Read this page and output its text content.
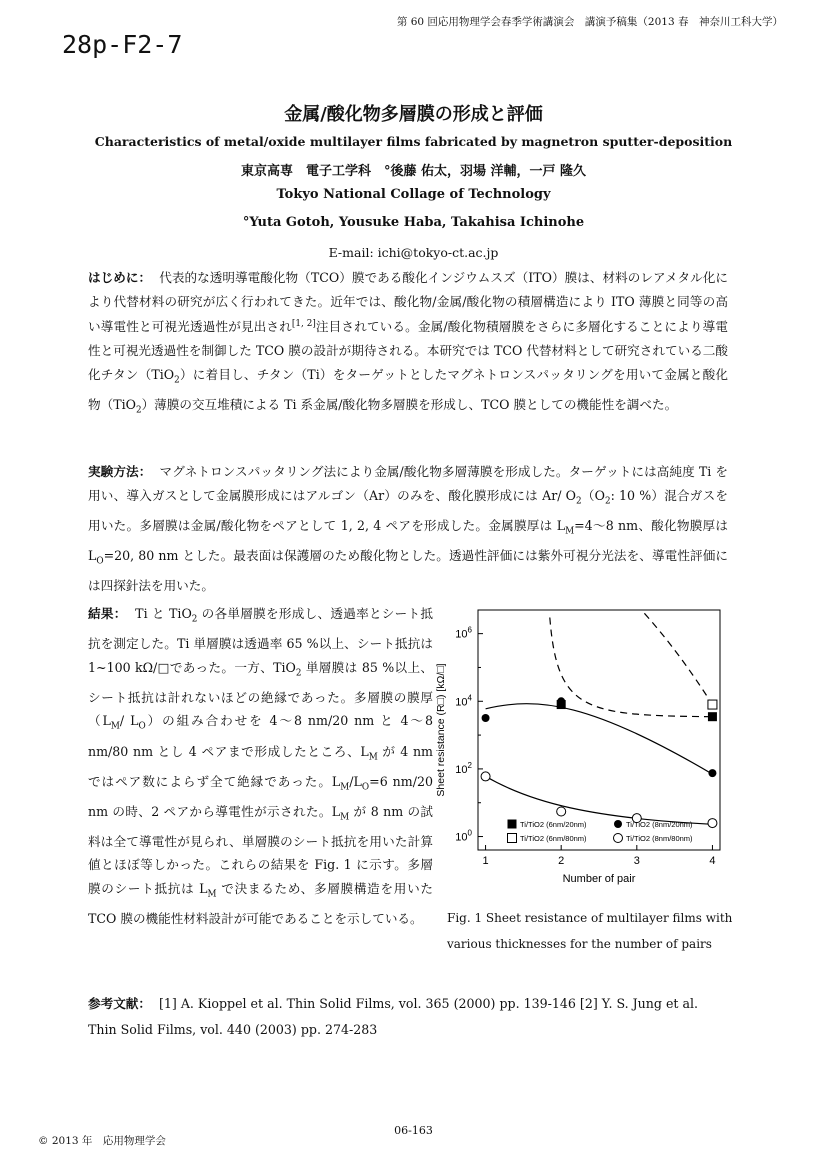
第 60 回応用物理学会春季学術講演会　講演予稿集（2013 春　神奈川工科大学）
28p-F2-7
金属/酸化物多層膜の形成と評価
Characteristics of metal/oxide multilayer films fabricated by magnetron sputter-deposition
東京高専　電子工学科　°後藤 佑太，羽場 洋輔，一戸 隆久
Tokyo National Collage of Technology
°Yuta Gotoh, Yousuke Haba, Takahisa Ichinohe
E-mail: ichi@tokyo-ct.ac.jp
はじめに： 代表的な透明導電酸化物（TCO）膜である酸化インジウムスズ（ITO）膜は、材料のレアメタル化により代替材料の研究が広く行われてきた。近年では、酸化物/金属/酸化物の積層構造により ITO 薄膜と同等の高い導電性と可視光透過性が見出され[1, 2]注目されている。金属/酸化物積層膜をさらに多層化することにより導電性と可視光透過性を制御した TCO 膜の設計が期待される。本研究では TCO 代替材料として研究されている二酸化チタン（TiO$_2$）に着目し、チタン（Ti）をターゲットとしたマグネトロンスパッタリングを用いて金属と酸化物（TiO$_2$）薄膜の交互堆積による Ti 系金属/酸化物多層膜を形成し、TCO 膜としての機能性を調べた。
実験方法： マグネトロンスパッタリング法により金属/酸化物多層薄膜を形成した。ターゲットには高純度 Ti を用い、導入ガスとして金属膜形成にはアルゴン（Ar）のみを、酸化膜形成には Ar/ $O_2(O_2$: 10 %）混合ガスを用いた。多層膜は金属/酸化物をペアとして 1, 2, 4 ペアを形成した。金属膜厚は $L_M=4$〜8 nm、酸化物膜厚は $L_O=20$, 80 nm とした。最表面は保護層のため酸化物とした。透過性評価には紫外可視分光法を、導電性評価には四探針法を用いた。
結果： Ti と TiO$_2$ の各単層膜を形成し、透過率とシート抵抗を測定した。Ti 単層膜は透過率 65 %以上、シート抵抗は 1~100 kΩ/□であった。一方、TiO$_2$ 単層膜は 85 %以上、シート抵抗は計れないほどの絶縁であった。多層膜の膜厚（$L_M/$ $L_O$）の組み合わせを 4〜8 nm/20 nm と 4〜8 nm/80 nm とし 4 ペアまで形成したところ、$L_M$ が 4 nm ではペア数によらず全て絶縁であった。$L_M/L_O=6$ nm/20 nm の時、2 ペアから導電性が示された。$L_M$ が 8 nm の試料は全て導電性が見られ、単層膜のシート抵抗を用いた計算値とほぼ等しかった。これらの結果を Fig. 1 に示す。多層膜のシート抵抗は $L_M$ で決まるため、多層膜構造を用いた TCO 膜の機能性材料設計が可能であることを示している。
1	2	3	4
$10^0$
$10^2$
$10^4$
$10^6$
Number of pair
Sheet resistance (R□) [kΩ/□]
Ti/TiO2 (6nm/20nm)
Ti/TiO2 (6nm/80nm)
Ti/TiO2 (8nm/20nm)
Ti/TiO2 (8nm/80nm)
Fig. 1 Sheet resistance of multilayer films with
various thicknesses for the number of pairs
参考文献： [1] A. Kioppel et al. Thin Solid Films, vol. 365 (2000) pp. 139-146 [2] Y. S. Jung et al. Thin Solid Films, vol. 440 (2003) pp. 274-283
06-163
© 2013 年　応用物理学会
